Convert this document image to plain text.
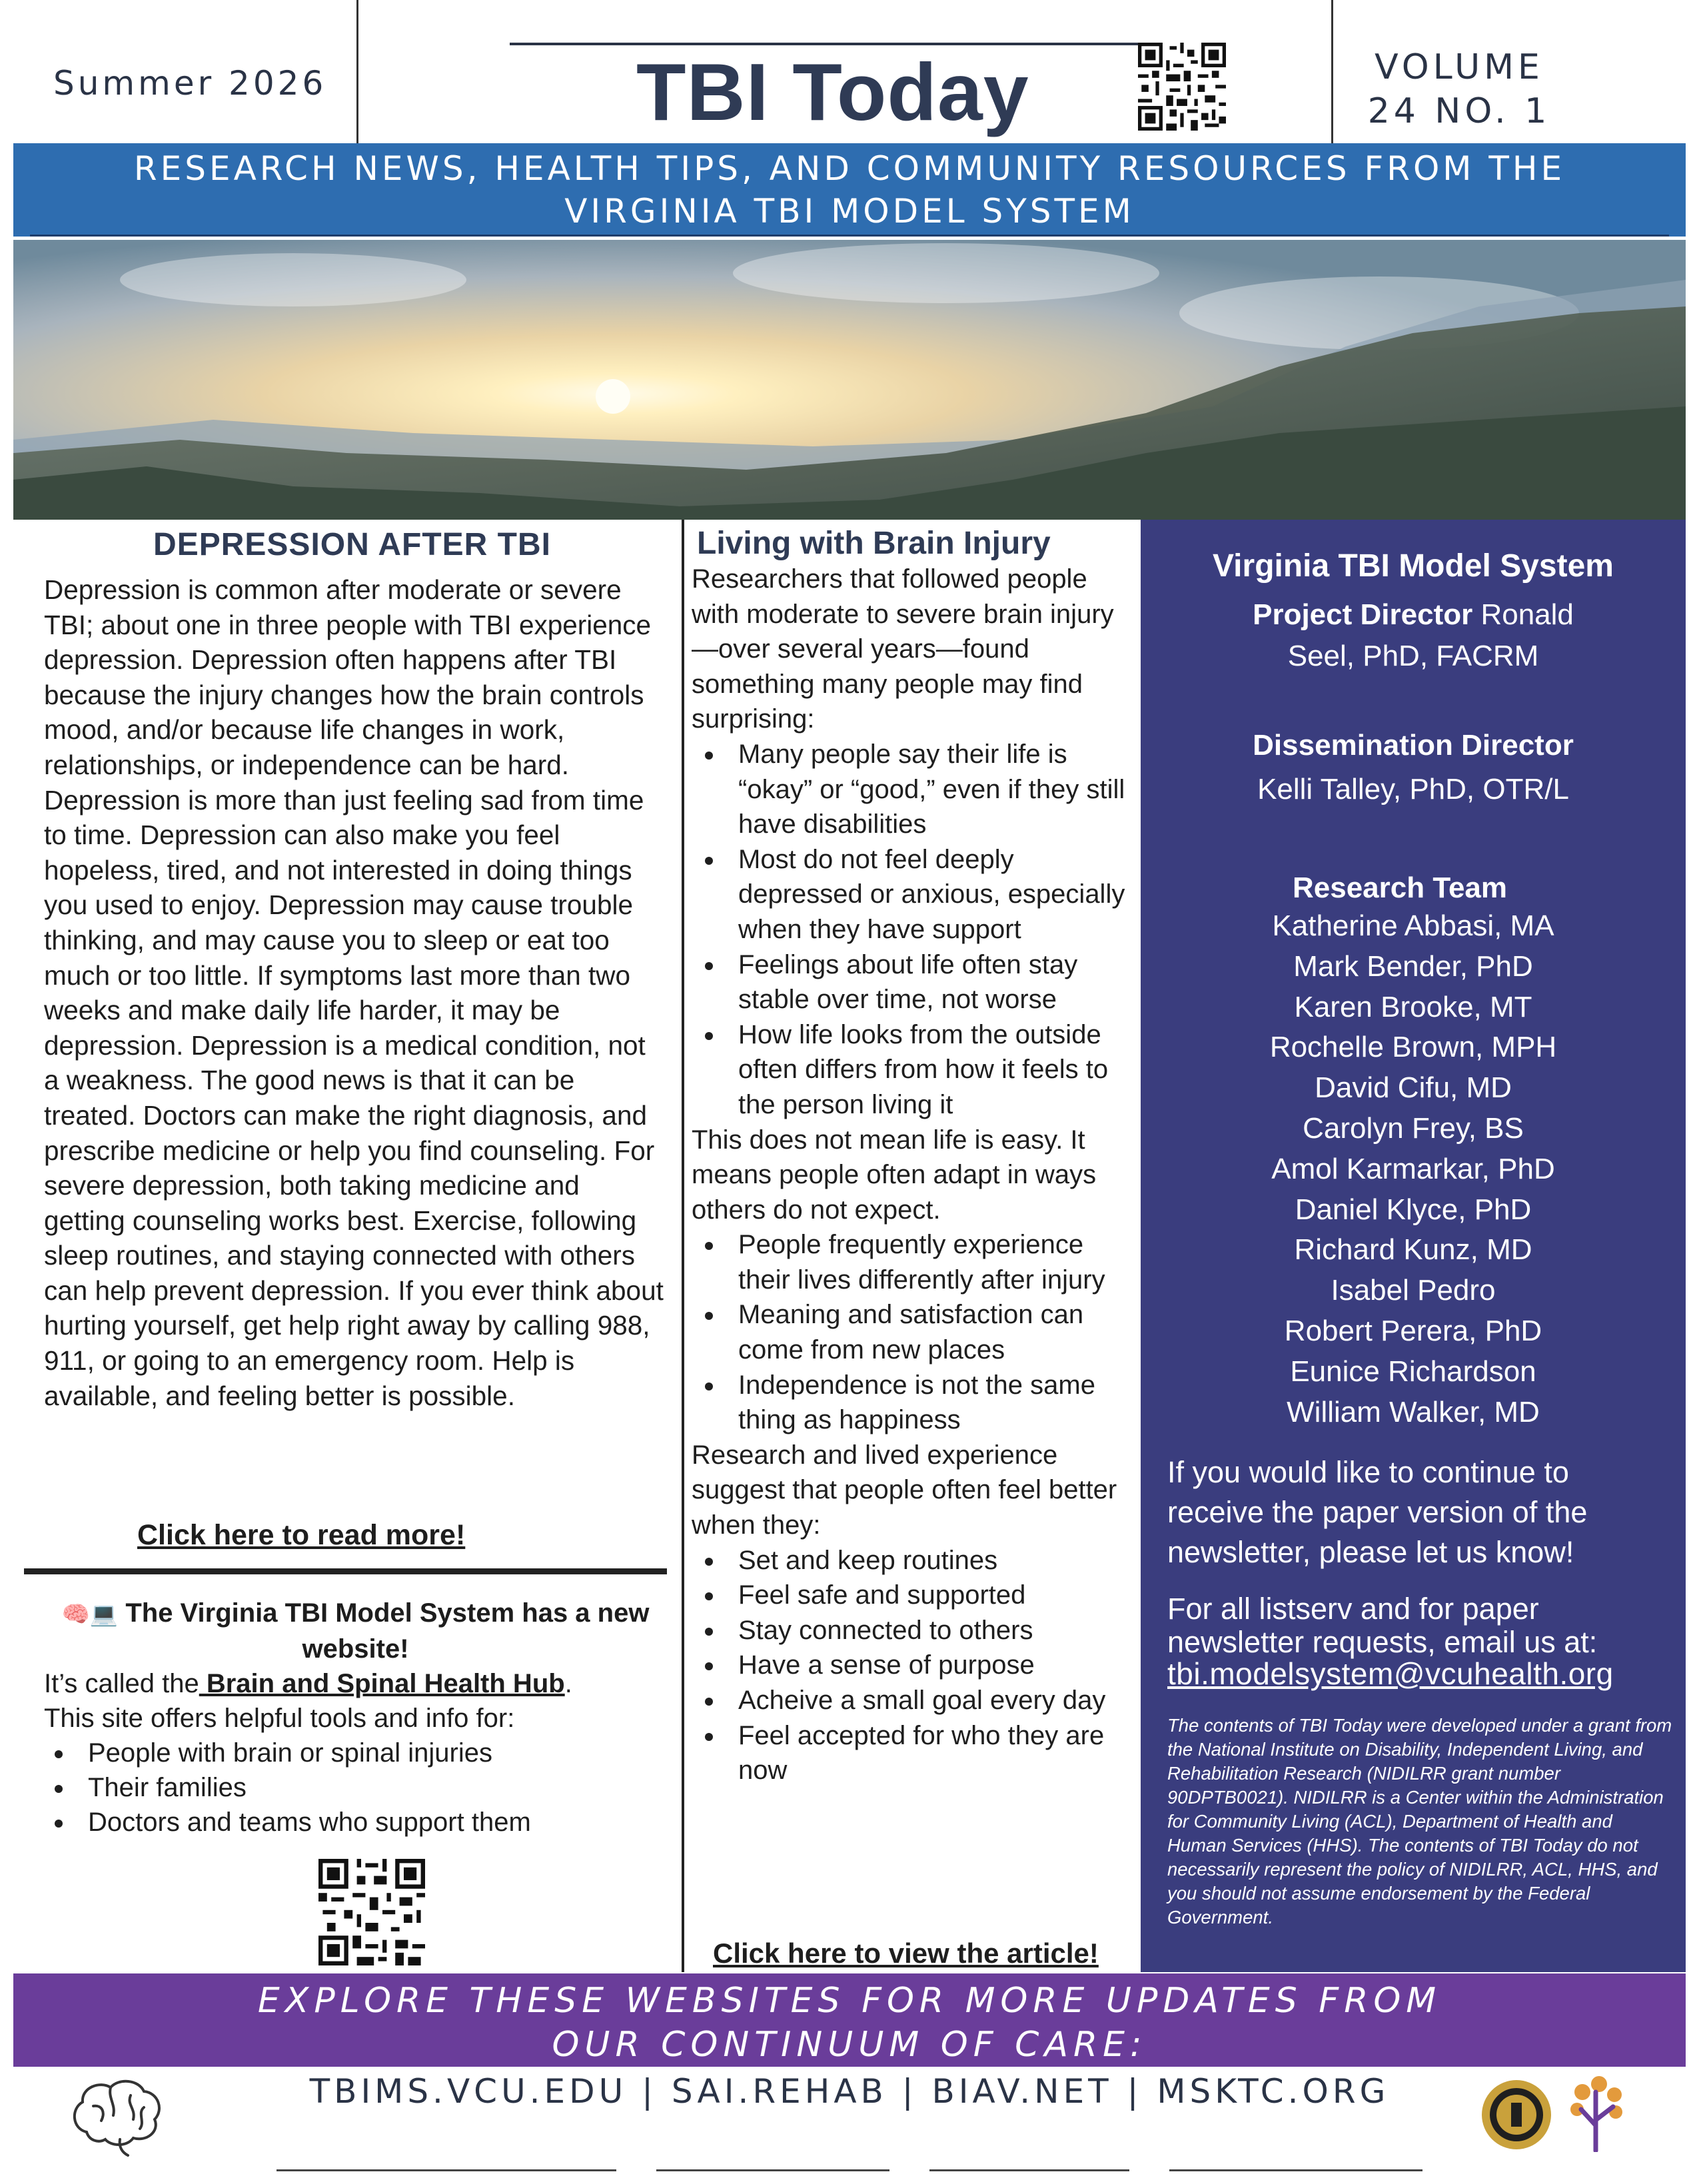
Summer 2026	TBI Today	VOLUME
24 NO. 1
RESEARCH NEWS, HEALTH TIPS, AND COMMUNITY RESOURCES FROM THE
VIRGINIA TBI MODEL SYSTEM
DEPRESSION AFTER TBI
Depression is common after moderate or severe TBI; about one in three people with TBI experience depression. Depression often happens after TBI because the injury changes how the brain controls mood, and/or because life changes in work, relationships, or independence can be hard. Depression is more than just feeling sad from time to time. Depression can also make you feel hopeless, tired, and not interested in doing things you used to enjoy. Depression may cause trouble thinking, and may cause you to sleep or eat too much or too little. If symptoms last more than two weeks and make daily life harder, it may be depression. Depression is a medical condition, not a weakness. The good news is that it can be treated. Doctors can make the right diagnosis, and prescribe medicine or help you find counseling. For severe depression, both taking medicine and getting counseling works best. Exercise, following sleep routines, and staying connected with others can help prevent depression. If you ever think about hurting yourself, get help right away by calling 988, 911, or going to an emergency room. Help is available, and feeling better is possible.
Click here to read more!
🧠💻 The Virginia TBI Model System has a new website!
It’s called the Brain and Spinal Health Hub.
This site offers helpful tools and info for:
People with brain or spinal injuries
Their families
Doctors and teams who support them
Living with Brain Injury
Researchers that followed people with moderate to severe brain injury—over several years—found something many people may find surprising:
Many people say their life is “okay” or “good,” even if they still have disabilities
Most do not feel deeply depressed or anxious, especially when they have support
Feelings about life often stay stable over time, not worse
How life looks from the outside often differs from how it feels to the person living it
This does not mean life is easy. It means people often adapt in ways others do not expect.
People frequently experience their lives differently after injury
Meaning and satisfaction can come from new places
Independence is not the same thing as happiness
Research and lived experience suggest that people often feel better when they:
Set and keep routines
Feel safe and supported
Stay connected to others
Have a sense of purpose
Acheive a small goal every day
Feel accepted for who they are now
Click here to view the article!
Virginia TBI Model System
Project Director Ronald
Seel, PhD, FACRM
Dissemination Director
Kelli Talley, PhD, OTR/L
Research Team
Katherine Abbasi, MA
Mark Bender, PhD
Karen Brooke, MT
Rochelle Brown, MPH
David Cifu, MD
Carolyn Frey, BS
Amol Karmarkar, PhD
Daniel Klyce, PhD
Richard Kunz, MD
Isabel Pedro
Robert Perera, PhD
Eunice Richardson
William Walker, MD
If you would like to continue to receive the paper version of the newsletter, please let us know!
For all listserv and for paper newsletter requests, email us at:
tbi.modelsystem@vcuhealth.org
The contents of TBI Today were developed under a grant from the National Institute on Disability, Independent Living, and Rehabilitation Research (NIDILRR grant number 90DPTB0021). NIDILRR is a Center within the Administration for Community Living (ACL), Department of Health and Human Services (HHS). The contents of TBI Today do not necessarily represent the policy of NIDILRR, ACL, HHS, and you should not assume endorsement by the Federal Government.
EXPLORE THESE WEBSITES FOR MORE UPDATES FROM
OUR CONTINUUM OF CARE:
TBIMS.VCU.EDU | SAI.REHAB | BIAV.NET | MSKTC.ORG
